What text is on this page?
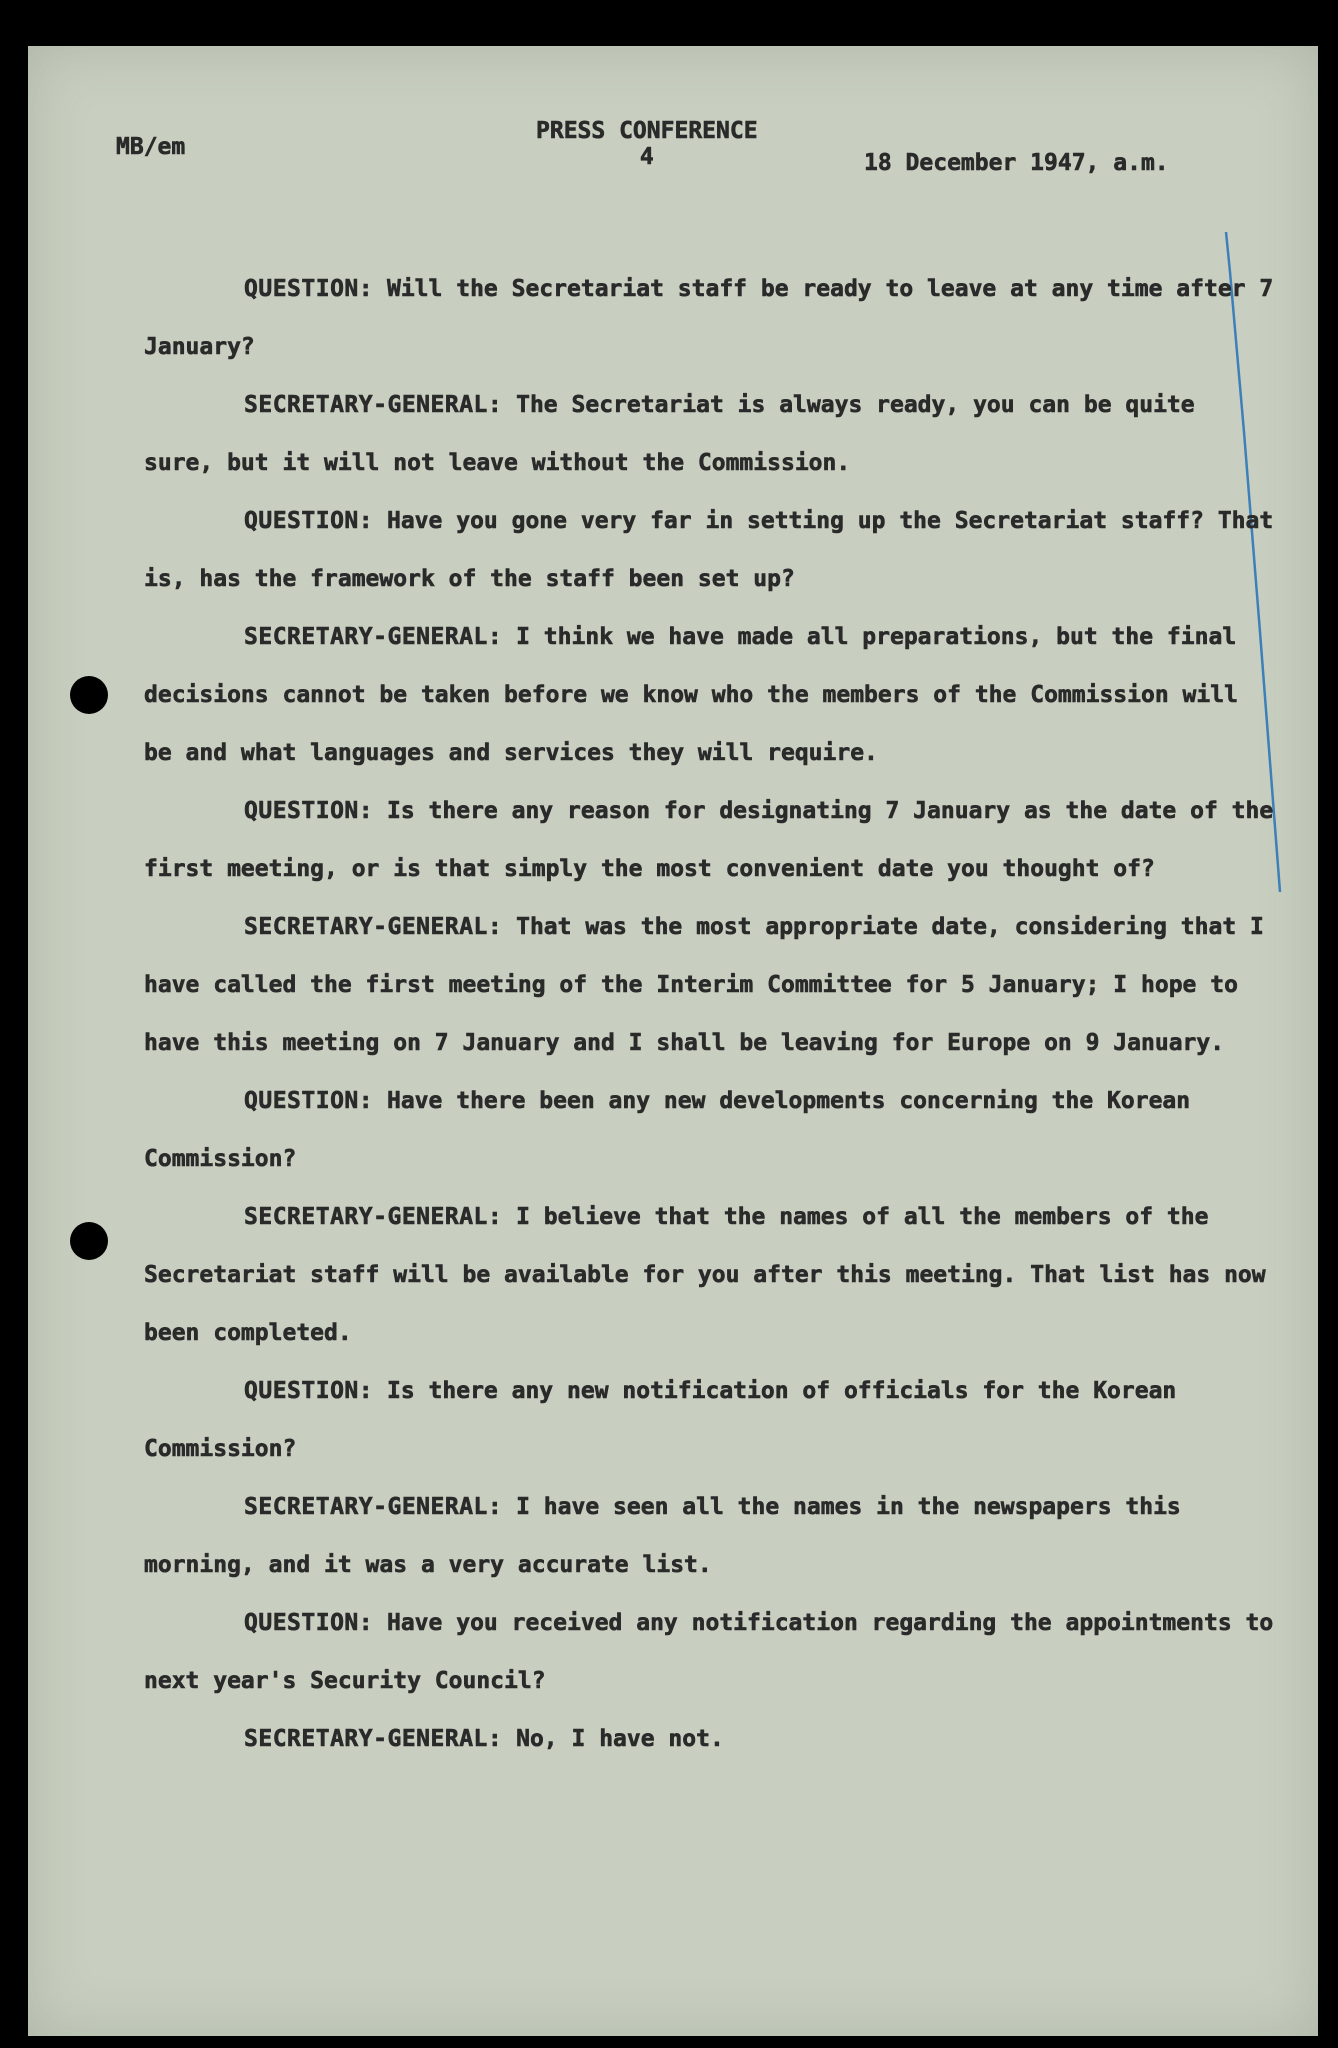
MB/em
PRESS CONFERENCE
4	18 December 1947, a.m.

QUESTION: Will the Secretariat staff be ready to leave at any time after 7 January?

SECRETARY-GENERAL: The Secretariat is always ready, you can be quite sure, but it will not leave without the Commission.

QUESTION: Have you gone very far in setting up the Secretariat staff? That is, has the framework of the staff been set up?

SECRETARY-GENERAL: I think we have made all preparations, but the final decisions cannot be taken before we know who the members of the Commission will be and what languages and services they will require.

QUESTION: Is there any reason for designating 7 January as the date of the first meeting, or is that simply the most convenient date you thought of?

SECRETARY-GENERAL: That was the most appropriate date, considering that I have called the first meeting of the Interim Committee for 5 January; I hope to have this meeting on 7 January and I shall be leaving for Europe on 9 January.

QUESTION: Have there been any new developments concerning the Korean Commission?

SECRETARY-GENERAL: I believe that the names of all the members of the Secretariat staff will be available for you after this meeting. That list has now been completed.

QUESTION: Is there any new notification of officials for the Korean Commission?

SECRETARY-GENERAL: I have seen all the names in the newspapers this morning, and it was a very accurate list.

QUESTION: Have you received any notification regarding the appointments to next year's Security Council?

SECRETARY-GENERAL: No, I have not.
